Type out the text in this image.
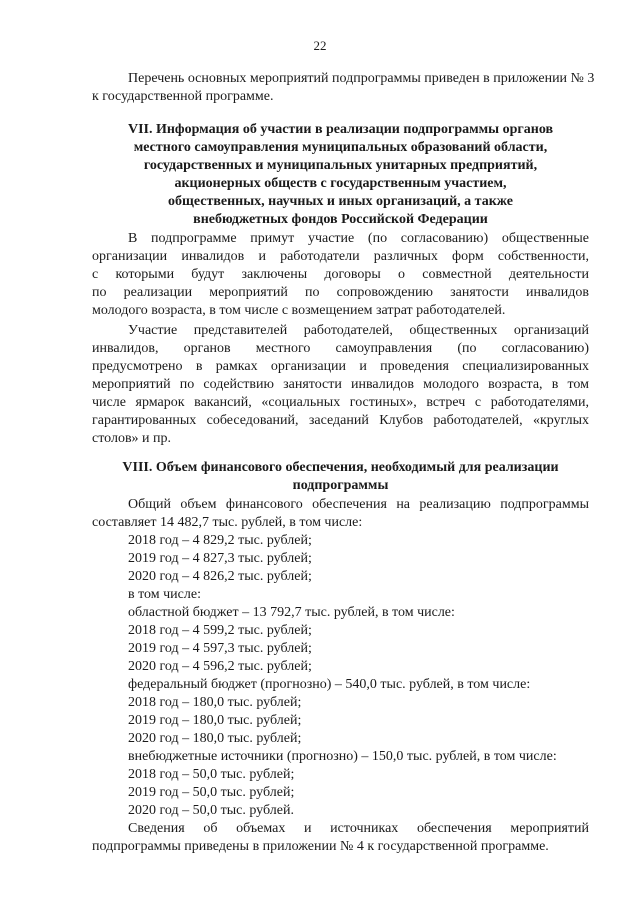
22
Перечень основных мероприятий подпрограммы приведен в приложении № 3
к государственной программе.
VII. Информация об участии в реализации подпрограммы органов
местного самоуправления муниципальных образований области,
государственных и муниципальных унитарных предприятий,
акционерных обществ с государственным участием,
общественных, научных и иных организаций, а также
внебюджетных фондов Российской Федерации
В подпрограмме примут участие (по согласованию) общественные
организации инвалидов и работодатели различных форм собственности,
с которыми будут заключены договоры о совместной деятельности
по реализации мероприятий по сопровождению занятости инвалидов
молодого возраста, в том числе с возмещением затрат работодателей.
Участие представителей работодателей, общественных организаций
инвалидов, органов местного самоуправления (по согласованию)
предусмотрено в рамках организации и проведения специализированных
мероприятий по содействию занятости инвалидов молодого возраста, в том
числе ярмарок вакансий, «социальных гостиных», встреч с работодателями,
гарантированных собеседований, заседаний Клубов работодателей, «круглых
столов» и пр.
VIII. Объем финансового обеспечения, необходимый для реализации
подпрограммы
Общий объем финансового обеспечения на реализацию подпрограммы
составляет 14 482,7 тыс. рублей, в том числе:
2018 год – 4 829,2 тыс. рублей;
2019 год – 4 827,3 тыс. рублей;
2020 год – 4 826,2 тыс. рублей;
в том числе:
областной бюджет – 13 792,7 тыс. рублей, в том числе:
2018 год – 4 599,2 тыс. рублей;
2019 год – 4 597,3 тыс. рублей;
2020 год – 4 596,2 тыс. рублей;
федеральный бюджет (прогнозно) – 540,0 тыс. рублей, в том числе:
2018 год – 180,0 тыс. рублей;
2019 год – 180,0 тыс. рублей;
2020 год – 180,0 тыс. рублей;
внебюджетные источники (прогнозно) – 150,0 тыс. рублей, в том числе:
2018 год – 50,0 тыс. рублей;
2019 год – 50,0 тыс. рублей;
2020 год – 50,0 тыс. рублей.
Сведения об объемах и источниках обеспечения мероприятий
подпрограммы приведены в приложении № 4 к государственной программе.
